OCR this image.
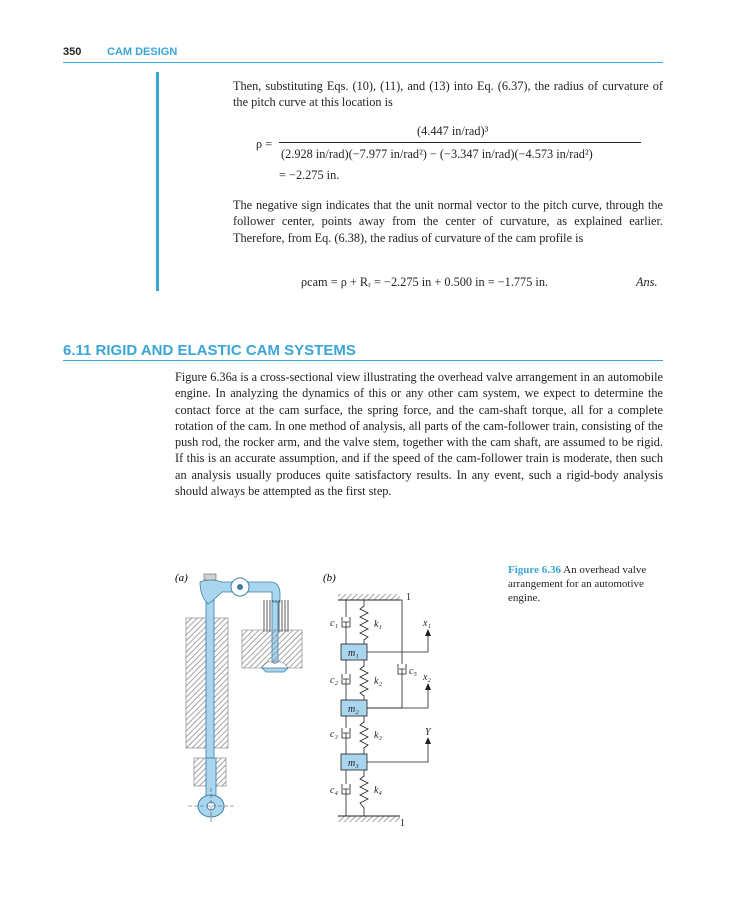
350 CAM DESIGN
Then, substituting Eqs. (10), (11), and (13) into Eq. (6.37), the radius of curvature of the pitch curve at this location is
ρ =
(4.447 in/rad)³
(2.928 in/rad)(−7.977 in/rad²) − (−3.347 in/rad)(−4.573 in/rad²)
= −2.275 in.
The negative sign indicates that the unit normal vector to the pitch curve, through the follower center, points away from the center of curvature, as explained earlier. Therefore, from Eq. (6.38), the radius of curvature of the cam profile is
ρcam = ρ + Rᵣ = −2.275 in + 0.500 in = −1.775 in.	Ans.
6.11 RIGID AND ELASTIC CAM SYSTEMS
Figure 6.36a is a cross-sectional view illustrating the overhead valve arrangement in an automobile engine. In analyzing the dynamics of this or any other cam system, we expect to determine the contact force at the cam surface, the spring force, and the cam-shaft torque, all for a complete rotation of the cam. In one method of analysis, all parts of the cam-follower train, consisting of the push rod, the rocker arm, and the valve stem, together with the cam shaft, are assumed to be rigid. If this is an accurate assumption, and if the speed of the cam-follower train is moderate, then such an analysis usually produces quite satisfactory results. In any event, such a rigid-body analysis should always be attempted as the first step.
Figure 6.36 An overhead valve arrangement for an automotive engine.
(a)	(b)
1
1
m₁
m₂
m₃
k₁
k₂
k₃
k₄
c₁
c₂
c₃
c₄
c₅
x₁
x₂
Y
